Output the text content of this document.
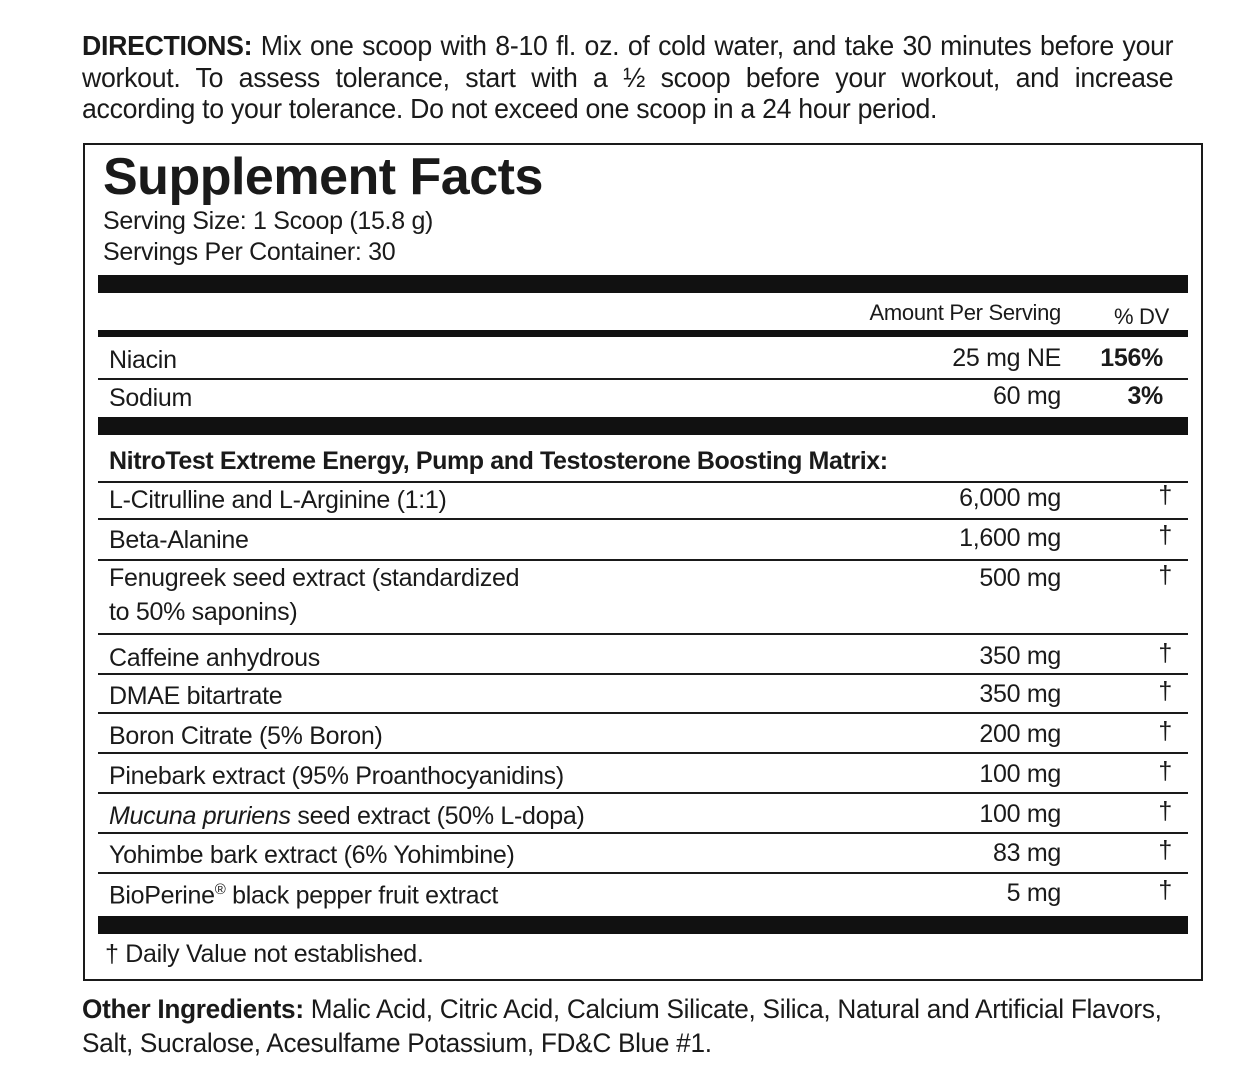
DIRECTIONS: Mix one scoop with 8-10 fl. oz. of cold water, and take 30 minutes before your workout. To assess tolerance, start with a ½ scoop before your workout, and increase according to your tolerance. Do not exceed one scoop in a 24 hour period.
Supplement Facts
Serving Size: 1 Scoop (15.8 g)
Servings Per Container: 30
Amount Per Serving % DV
Niacin	25 mg NE 156%
Sodium	60 mg	3%
NitroTest Extreme Energy, Pump and Testosterone Boosting Matrix:
L-Citrulline and L-Arginine (1:1)	6,000 mg	†
Beta-Alanine	1,600 mg	†
Fenugreek seed extract (standardized
to 50% saponins)
500 mg	†
Caffeine anhydrous	350 mg	†
DMAE bitartrate	350 mg	†
Boron Citrate (5% Boron)	200 mg	†
Pinebark extract (95% Proanthocyanidins)	100 mg	†
Mucuna pruriens seed extract (50% L-dopa)	100 mg	†
Yohimbe bark extract (6% Yohimbine)	83 mg	†
BioPerine® black pepper fruit extract	5 mg	†
† Daily Value not established.
Other Ingredients: Malic Acid, Citric Acid, Calcium Silicate, Silica, Natural and Artificial Flavors, Salt, Sucralose, Acesulfame Potassium, FD&C Blue #1.
